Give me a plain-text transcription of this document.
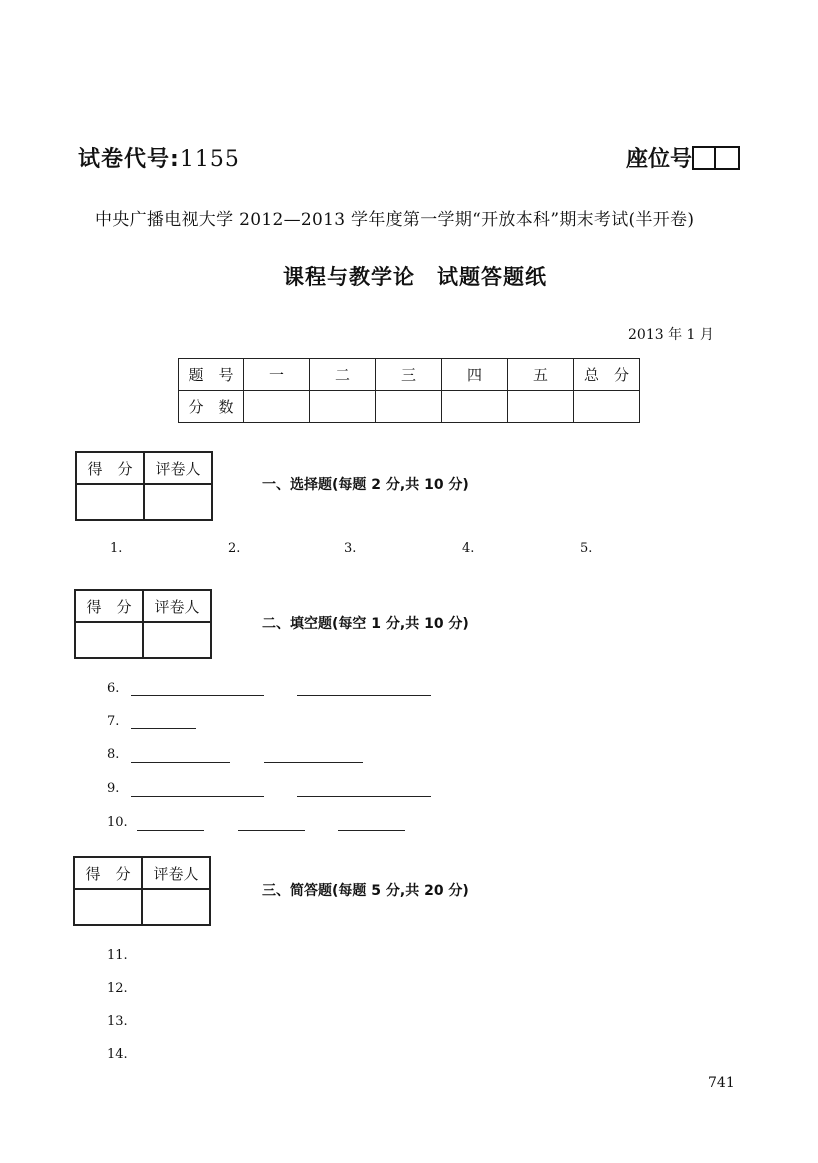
试卷代号:1155	座位号
中央广播电视大学 2012—2013 学年度第一学期“开放本科”期末考试(半开卷)
课程与教学论　试题答题纸
2013 年 1 月
题　号	一	二	三	四	五	总　分
分　数						
得　分	评卷人

一、选择题(每题 2 分,共 10 分)
1.	2.	3.	4.	5.
得　分	评卷人

二、填空题(每空 1 分,共 10 分)
6.
7.
8.
9.
10.
得　分	评卷人

三、简答题(每题 5 分,共 20 分)
11.
12.
13.
14.
741
